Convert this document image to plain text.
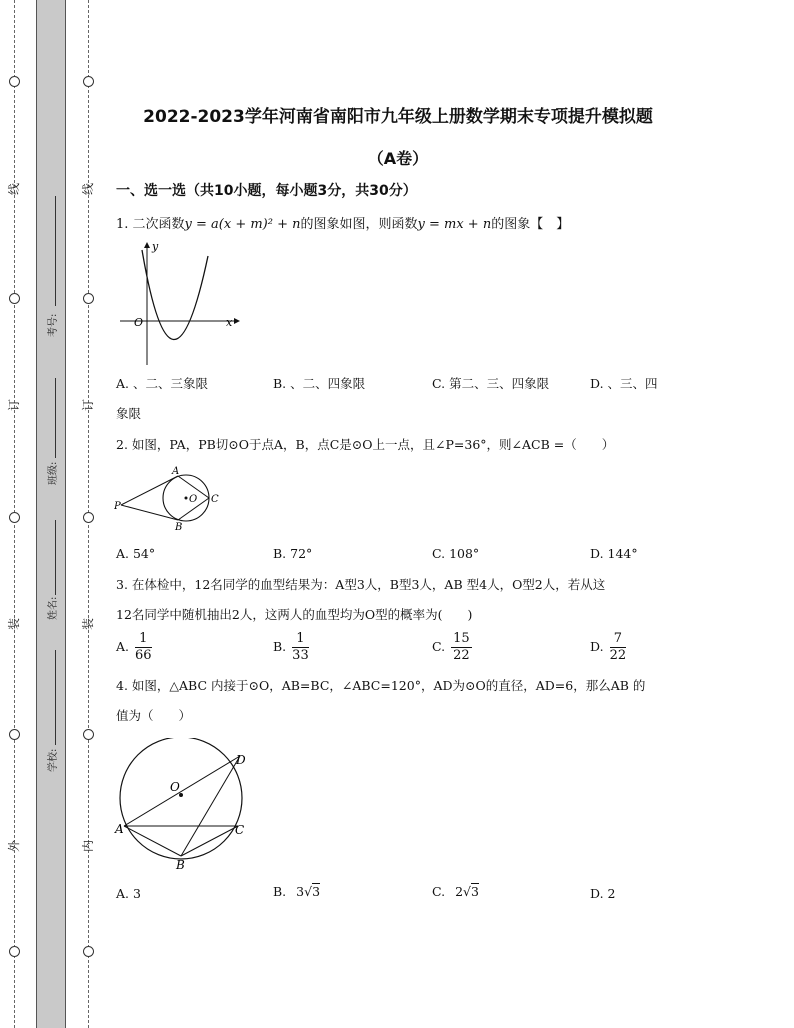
线
订
装
外
线
订
装
内
考号:
班级:
姓名:
学校:
2022-2023学年河南省南阳市九年级上册数学期末专项提升模拟题
（A卷）
一、选一选（共10小题，每小题3分，共30分）
1. 二次函数y = a(x + m)² + n的图象如图，则函数y = mx + n的图象【　】
y
O	x
A. 、二、三象限	B. 、二、四象限	C. 第二、三、四象限	D. 、三、四
象限
2. 如图，PA，PB切⊙O于点A，B，点C是⊙O上一点，且∠P=36°，则∠ACB =（　　）
A
B
C
O
P
A. 54°	B. 72°	C. 108°	D. 144°
3. 在体检中，12名同学的血型结果为：A型3人，B型3人，AB 型4人，O型2人，若从这
12名同学中随机抽出2人，这两人的血型均为O型的概率为(　　)
A. $\frac{1}{66}$	B. $\frac{1}{33}$	C. $\frac{15}{22}$	D. $\frac{7}{22}$
4. 如图，△ABC 内接于⊙O，AB=BC，∠ABC=120°，AD为⊙O的直径，AD=6，那么AB 的
值为（　　）
O
D
A	C
B
A. 3	B. 3√3	C. 2√3	D. 2
